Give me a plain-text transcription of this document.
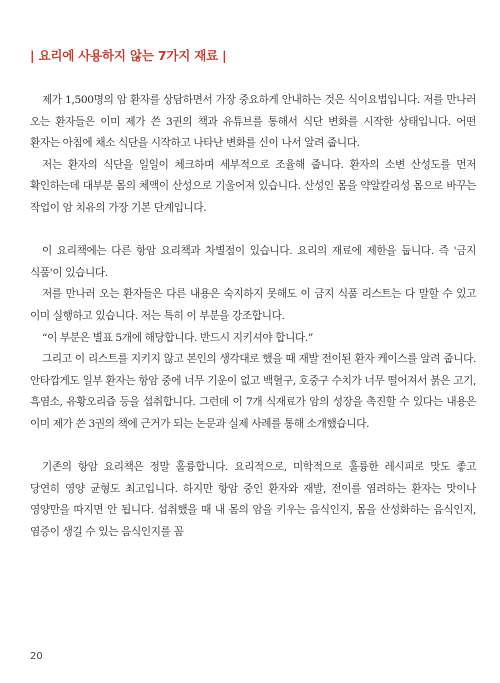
| 요리에 사용하지 않는 7가지 재료 |

제가 1,500명의 암 환자를 상담하면서 가장 중요하게 안내하는 것은 식이요법입니다. 저를 만나러 오는 환자들은 이미 제가 쓴 3권의 책과 유튜브를 통해서 식단 변화를 시작한 상태입니다. 어떤 환자는 아침에 채소 식단을 시작하고 나타난 변화를 신이 나서 알려 줍니다.

저는 환자의 식단을 일일이 체크하며 세부적으로 조율해 줍니다. 환자의 소변 산성도를 먼저 확인하는데 대부분 몸의 체액이 산성으로 기울어져 있습니다. 산성인 몸을 약알칼리성 몸으로 바꾸는 작업이 암 치유의 가장 기본 단계입니다.

이 요리책에는 다른 항암 요리책과 차별점이 있습니다. 요리의 재료에 제한을 둡니다. 즉 '금지 식품'이 있습니다.

저를 만나러 오는 환자들은 다른 내용은 숙지하지 못해도 이 금지 식품 리스트는 다 말할 수 있고 이미 실행하고 있습니다. 저는 특히 이 부분을 강조합니다.

“이 부분은 별표 5개에 해당합니다. 반드시 지키셔야 합니다.”

그리고 이 리스트를 지키지 않고 본인의 생각대로 했을 때 재발 전이된 환자 케이스를 알려 줍니다. 안타깝게도 일부 환자는 항암 중에 너무 기운이 없고 백혈구, 호중구 수치가 너무 떨어져서 붉은 고기, 흑염소, 유황오리즙 등을 섭취합니다. 그런데 이 7개 식재료가 암의 성장을 촉진할 수 있다는 내용은 이미 제가 쓴 3권의 책에 근거가 되는 논문과 실제 사례를 통해 소개했습니다.

기존의 항암 요리책은 정말 훌륭합니다. 요리적으로, 미학적으로 훌륭한 레시피로 맛도 좋고 당연히 영양 균형도 최고입니다. 하지만 항암 중인 환자와 재발, 전이를 염려하는 환자는 맛이나 영양만을 따지면 안 됩니다. 섭취했을 때 내 몸의 암을 키우는 음식인지, 몸을 산성화하는 음식인지, 염증이 생길 수 있는 음식인지를 꼼

20
